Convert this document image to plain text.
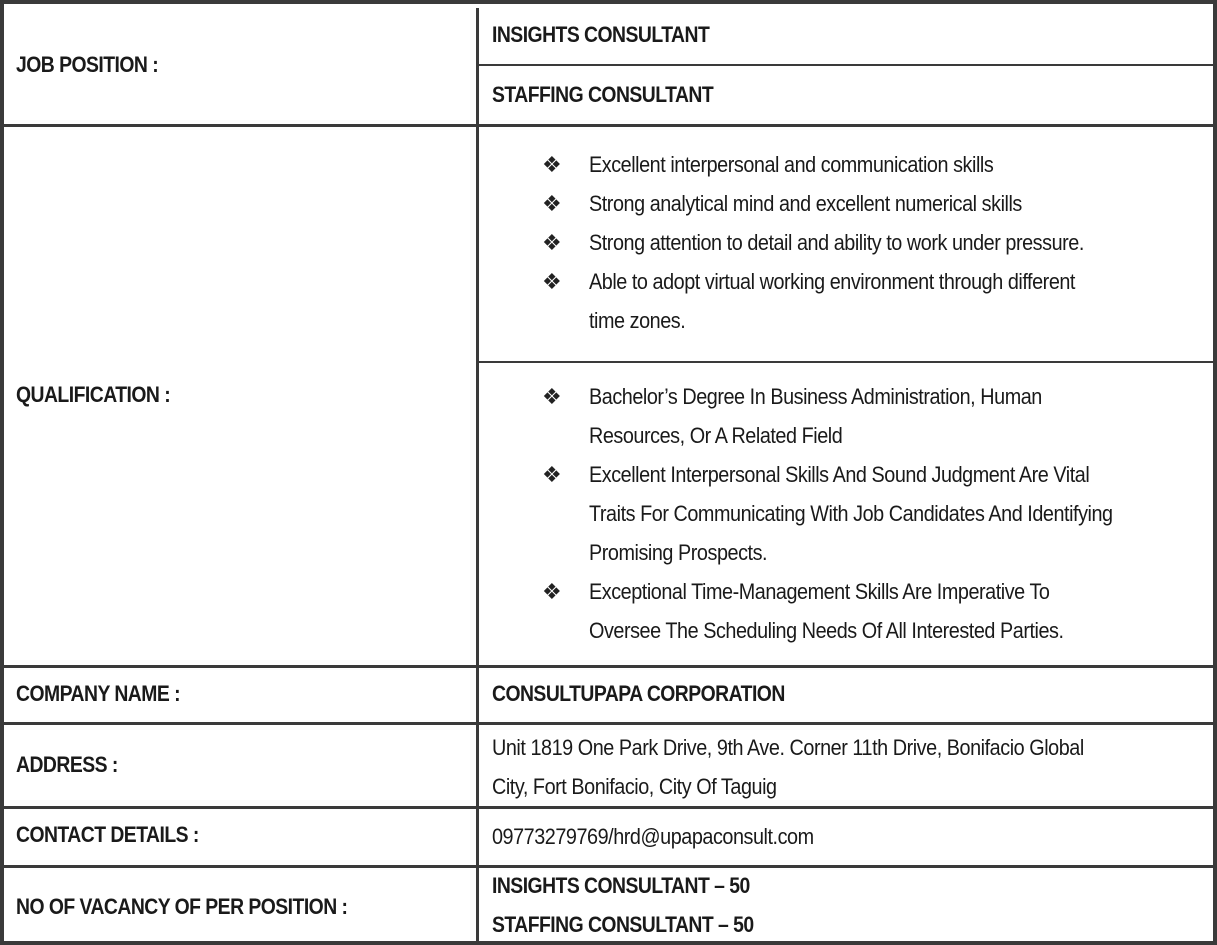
JOB POSITION :
INSIGHTS CONSULTANT
STAFFING CONSULTANT
QUALIFICATION :
❖ Excellent interpersonal and communication skills
❖ Strong analytical mind and excellent numerical skills
❖ Strong attention to detail and ability to work under pressure.
❖ Able to adopt virtual working environment through different
time zones.
❖ Bachelor’s Degree In Business Administration, Human
Resources, Or A Related Field
❖ Excellent Interpersonal Skills And Sound Judgment Are Vital
Traits For Communicating With Job Candidates And Identifying
Promising Prospects.
❖ Exceptional Time-Management Skills Are Imperative To
Oversee The Scheduling Needs Of All Interested Parties.
COMPANY NAME :	CONSULTUPAPA CORPORATION
ADDRESS :
Unit 1819 One Park Drive, 9th Ave. Corner 11th Drive, Bonifacio Global
City, Fort Bonifacio, City Of Taguig
CONTACT DETAILS :	09773279769/hrd@upapaconsult.com
NO OF VACANCY OF PER POSITION :
INSIGHTS CONSULTANT – 50
STAFFING CONSULTANT – 50
